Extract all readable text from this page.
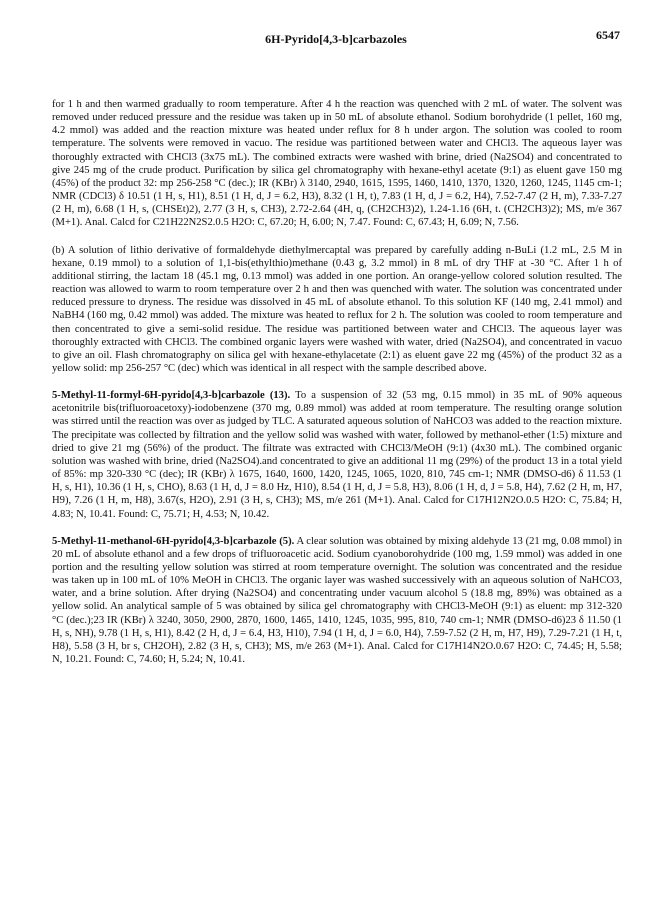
6H-Pyrido[4,3-b]carbazoles	6547

for 1 h and then warmed gradually to room temperature. After 4 h the reaction was quenched with 2 mL of water. The solvent was removed under reduced pressure and the residue was taken up in 50 mL of absolute ethanol. Sodium borohydride (1 pellet, 160 mg, 4.2 mmol) was added and the reaction mixture was heated under reflux for 8 h under argon. The solution was cooled to room temperature. The solvents were removed in vacuo. The residue was partitioned between water and CHCl3. The aqueous layer was thoroughly extracted with CHCl3 (3x75 mL). The combined extracts were washed with brine, dried (Na2SO4) and concentrated to give 245 mg of the crude product. Purification by silica gel chromatography with hexane-ethyl acetate (9:1) as eluent gave 150 mg (45%) of the product 32: mp 256-258 °C (dec.); IR (KBr) λ 3140, 2940, 1615, 1595, 1460, 1410, 1370, 1320, 1260, 1245, 1145 cm-1; NMR (CDCl3) δ 10.51 (1 H, s, H1), 8.51 (1 H, d, J = 6.2, H3), 8.32 (1 H, t), 7.83 (1 H, d, J = 6.2, H4), 7.52-7.47 (2 H, m), 7.33-7.27 (2 H, m), 6.68 (1 H, s, (CHSEt)2), 2.77 (3 H, s, CH3), 2.72-2.64 (4H, q, (CH2CH3)2), 1.24-1.16 (6H, t. (CH2CH3)2); MS, m/e 367 (M+1). Anal. Calcd for C21H22N2S2.0.5 H2O: C, 67.20; H, 6.00; N, 7.47. Found: C, 67.43; H, 6.09; N, 7.56.

(b) A solution of lithio derivative of formaldehyde diethylmercaptal was prepared by carefully adding n-BuLi (1.2 mL, 2.5 M in hexane, 0.19 mmol) to a solution of 1,1-bis(ethylthio)methane (0.43 g, 3.2 mmol) in 8 mL of dry THF at -30 °C. After 1 h of additional stirring, the lactam 18 (45.1 mg, 0.13 mmol) was added in one portion. An orange-yellow colored solution resulted. The reaction was allowed to warm to room temperature over 2 h and then was quenched with water. The solution was concentrated under reduced pressure to dryness. The residue was dissolved in 45 mL of absolute ethanol. To this solution KF (140 mg, 2.41 mmol) and NaBH4 (160 mg, 0.42 mmol) was added. The mixture was heated to reflux for 2 h. The solution was cooled to room temperature and then concentrated to give a semi-solid residue. The residue was partitioned between water and CHCl3. The aqueous layer was thoroughly extracted with CHCl3. The combined organic layers were washed with water, dried (Na2SO4), and concentrated in vacuo to give an oil. Flash chromatography on silica gel with hexane-ethylacetate (2:1) as eluent gave 22 mg (45%) of the product 32 as a yellow solid: mp 256-257 °C (dec) which was identical in all respect with the sample described above.

5-Methyl-11-formyl-6H-pyrido[4,3-b]carbazole (13). To a suspension of 32 (53 mg, 0.15 mmol) in 35 mL of 90% aqueous acetonitrile bis(trifluoroacetoxy)-iodobenzene (370 mg, 0.89 mmol) was added at room temperature. The resulting orange solution was stirred until the reaction was over as judged by TLC. A saturated aqueous solution of NaHCO3 was added to the reaction mixture. The precipitate was collected by filtration and the yellow solid was washed with water, followed by methanol-ether (1:5) mixture and dried to give 21 mg (56%) of the product. The filtrate was extracted with CHCl3/MeOH (9:1) (4x30 mL). The combined organic solution was washed with brine, dried (Na2SO4).and concentrated to give an additional 11 mg (29%) of the product 13 in a total yield of 85%: mp 320-330 °C (dec); IR (KBr) λ 1675, 1640, 1600, 1420, 1245, 1065, 1020, 810, 745 cm-1; NMR (DMSO-d6) δ 11.53 (1 H, s, H1), 10.36 (1 H, s, CHO), 8.63 (1 H, d, J = 8.0 Hz, H10), 8.54 (1 H, d, J = 5.8, H3), 8.06 (1 H, d, J = 5.8, H4), 7.62 (2 H, m, H7, H9), 7.26 (1 H, m, H8), 3.67(s, H2O), 2.91 (3 H, s, CH3); MS, m/e 261 (M+1). Anal. Calcd for C17H12N2O.0.5 H2O: C, 75.84; H, 4.83; N, 10.41. Found: C, 75.71; H, 4.53; N, 10.42.

5-Methyl-11-methanol-6H-pyrido[4,3-b]carbazole (5). A clear solution was obtained by mixing aldehyde 13 (21 mg, 0.08 mmol) in 20 mL of absolute ethanol and a few drops of trifluoroacetic acid. Sodium cyanoborohydride (100 mg, 1.59 mmol) was added in one portion and the resulting yellow solution was stirred at room temperature overnight. The solution was concentrated and the residue was taken up in 100 mL of 10% MeOH in CHCl3. The organic layer was washed successively with an aqueous solution of NaHCO3, water, and a brine solution. After drying (Na2SO4) and concentrating under vacuum alcohol 5 (18.8 mg, 89%) was obtained as a yellow solid. An analytical sample of 5 was obtained by silica gel chromatography with CHCl3-MeOH (9:1) as eluent: mp 312-320 °C (dec.);23 IR (KBr) λ 3240, 3050, 2900, 2870, 1600, 1465, 1410, 1245, 1035, 995, 810, 740 cm-1; NMR (DMSO-d6)23 δ 11.50 (1 H, s, NH), 9.78 (1 H, s, H1), 8.42 (2 H, d, J = 6.4, H3, H10), 7.94 (1 H, d, J = 6.0, H4), 7.59-7.52 (2 H, m, H7, H9), 7.29-7.21 (1 H, t, H8), 5.58 (3 H, br s, CH2OH), 2.82 (3 H, s, CH3); MS, m/e 263 (M+1). Anal. Calcd for C17H14N2O.0.67 H2O: C, 74.45; H, 5.58; N, 10.21. Found: C, 74.60; H, 5.24; N, 10.41.
